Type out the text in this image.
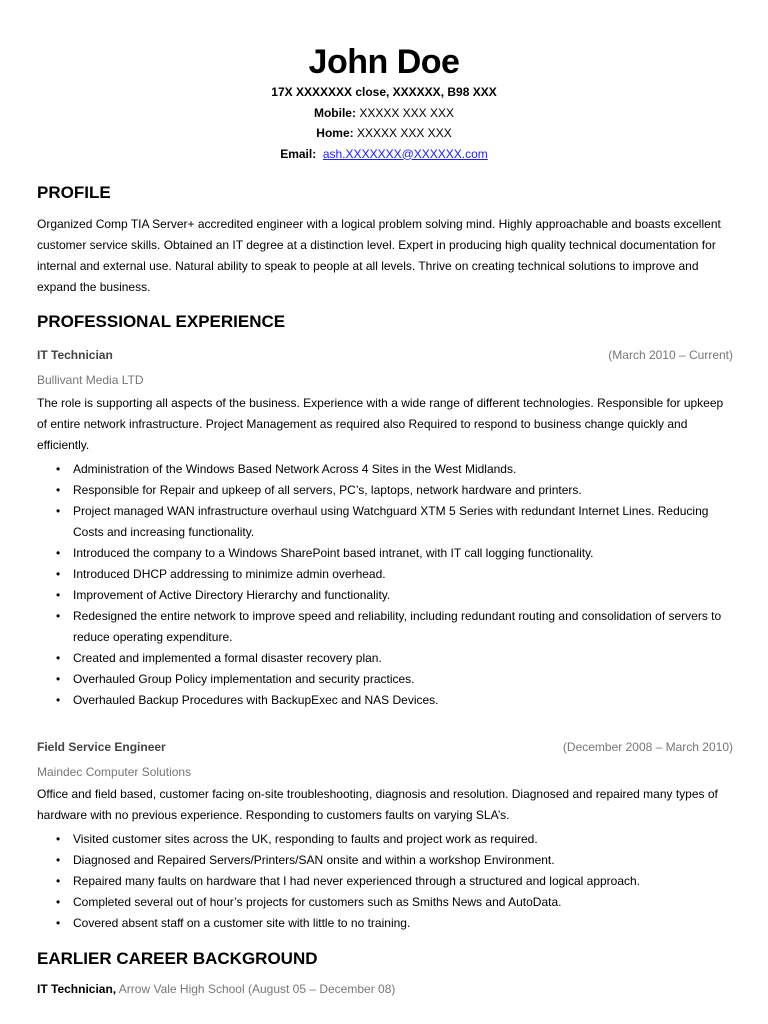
John Doe
17X XXXXXXX close, XXXXXX, B98 XXX
Mobile: XXXXX XXX XXX
Home: XXXXX XXX XXX
Email: ash.XXXXXXX@XXXXXX.com
PROFILE

Organized Comp TIA Server+ accredited engineer with a logical problem solving mind. Highly approachable and boasts excellent customer service skills. Obtained an IT degree at a distinction level. Expert in producing high quality technical documentation for internal and external use. Natural ability to speak to people at all levels. Thrive on creating technical solutions to improve and expand the business.

PROFESSIONAL EXPERIENCE
IT Technician	(March 2010 – Current)
Bullivant Media LTD

The role is supporting all aspects of the business. Experience with a wide range of different technologies. Responsible for upkeep of entire network infrastructure. Project Management as required also Required to respond to business change quickly and efficiently.

• Administration of the Windows Based Network Across 4 Sites in the West Midlands.
• Responsible for Repair and upkeep of all servers, PC’s, laptops, network hardware and printers.
• Project managed WAN infrastructure overhaul using Watchguard XTM 5 Series with redundant Internet Lines. Reducing Costs and increasing functionality.
• Introduced the company to a Windows SharePoint based intranet, with IT call logging functionality.
• Introduced DHCP addressing to minimize admin overhead.
• Improvement of Active Directory Hierarchy and functionality.
• Redesigned the entire network to improve speed and reliability, including redundant routing and consolidation of servers to reduce operating expenditure.
• Created and implemented a formal disaster recovery plan.
• Overhauled Group Policy implementation and security practices.
• Overhauled Backup Procedures with BackupExec and NAS Devices.
Field Service Engineer	(December 2008 – March 2010)
Maindec Computer Solutions

Office and field based, customer facing on-site troubleshooting, diagnosis and resolution. Diagnosed and repaired many types of hardware with no previous experience. Responding to customers faults on varying SLA’s.

• Visited customer sites across the UK, responding to faults and project work as required.
• Diagnosed and Repaired Servers/Printers/SAN onsite and within a workshop Environment.
• Repaired many faults on hardware that I had never experienced through a structured and logical approach.
• Completed several out of hour’s projects for customers such as Smiths News and AutoData.
• Covered absent staff on a customer site with little to no training.
EARLIER CAREER BACKGROUND
IT Technician, Arrow Vale High School (August 05 – December 08)
